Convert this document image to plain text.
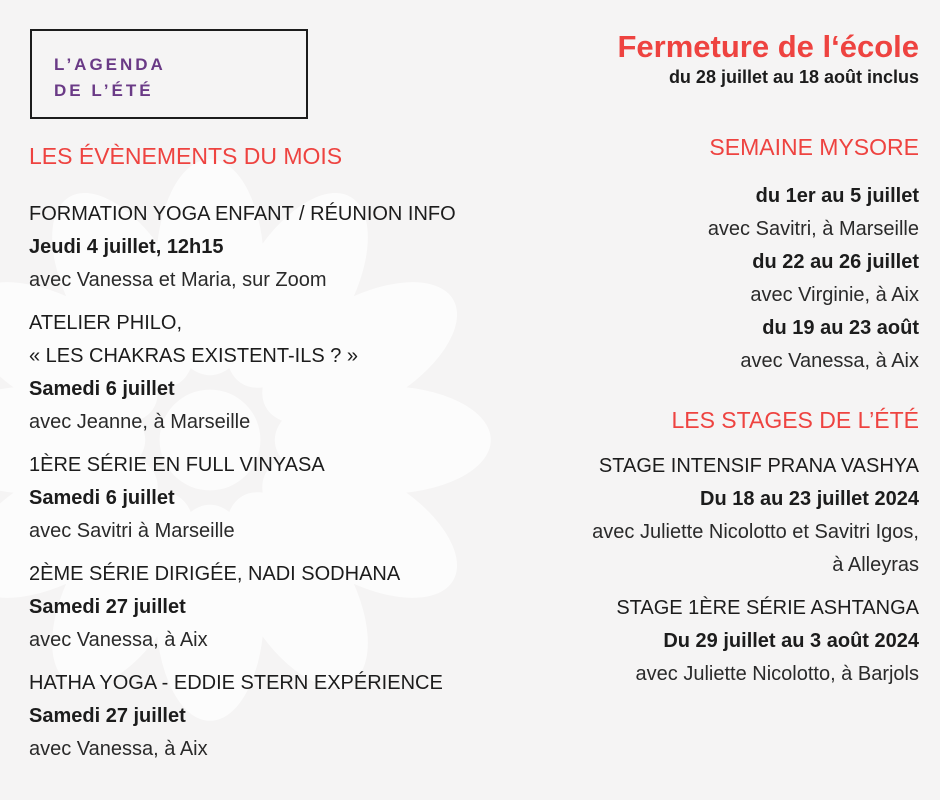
L’AGENDA
DE L’ÉTÉ
LES ÉVÈNEMENTS DU MOIS
FORMATION YOGA ENFANT / RÉUNION INFO
Jeudi 4 juillet, 12h15
avec Vanessa et Maria, sur Zoom
ATELIER PHILO,
« LES CHAKRAS EXISTENT-ILS ? »
Samedi 6 juillet
avec Jeanne, à Marseille
1ÈRE SÉRIE EN FULL VINYASA
Samedi 6 juillet
avec Savitri à Marseille
2ÈME SÉRIE DIRIGÉE, NADI SODHANA
Samedi 27 juillet
avec Vanessa, à Aix
HATHA YOGA - EDDIE STERN EXPÉRIENCE
Samedi 27 juillet
avec Vanessa, à Aix
Fermeture de l‘école
du 28 juillet au 18 août inclus
SEMAINE MYSORE
du 1er au 5 juillet
avec Savitri, à Marseille
du 22 au 26 juillet
avec Virginie, à Aix
du 19 au 23 août
avec Vanessa, à Aix
LES STAGES DE L’ÉTÉ
STAGE INTENSIF PRANA VASHYA
Du 18 au 23 juillet 2024
avec Juliette Nicolotto et Savitri Igos,
à Alleyras
STAGE 1ÈRE SÉRIE ASHTANGA
Du 29 juillet au 3 août 2024
avec Juliette Nicolotto, à Barjols
